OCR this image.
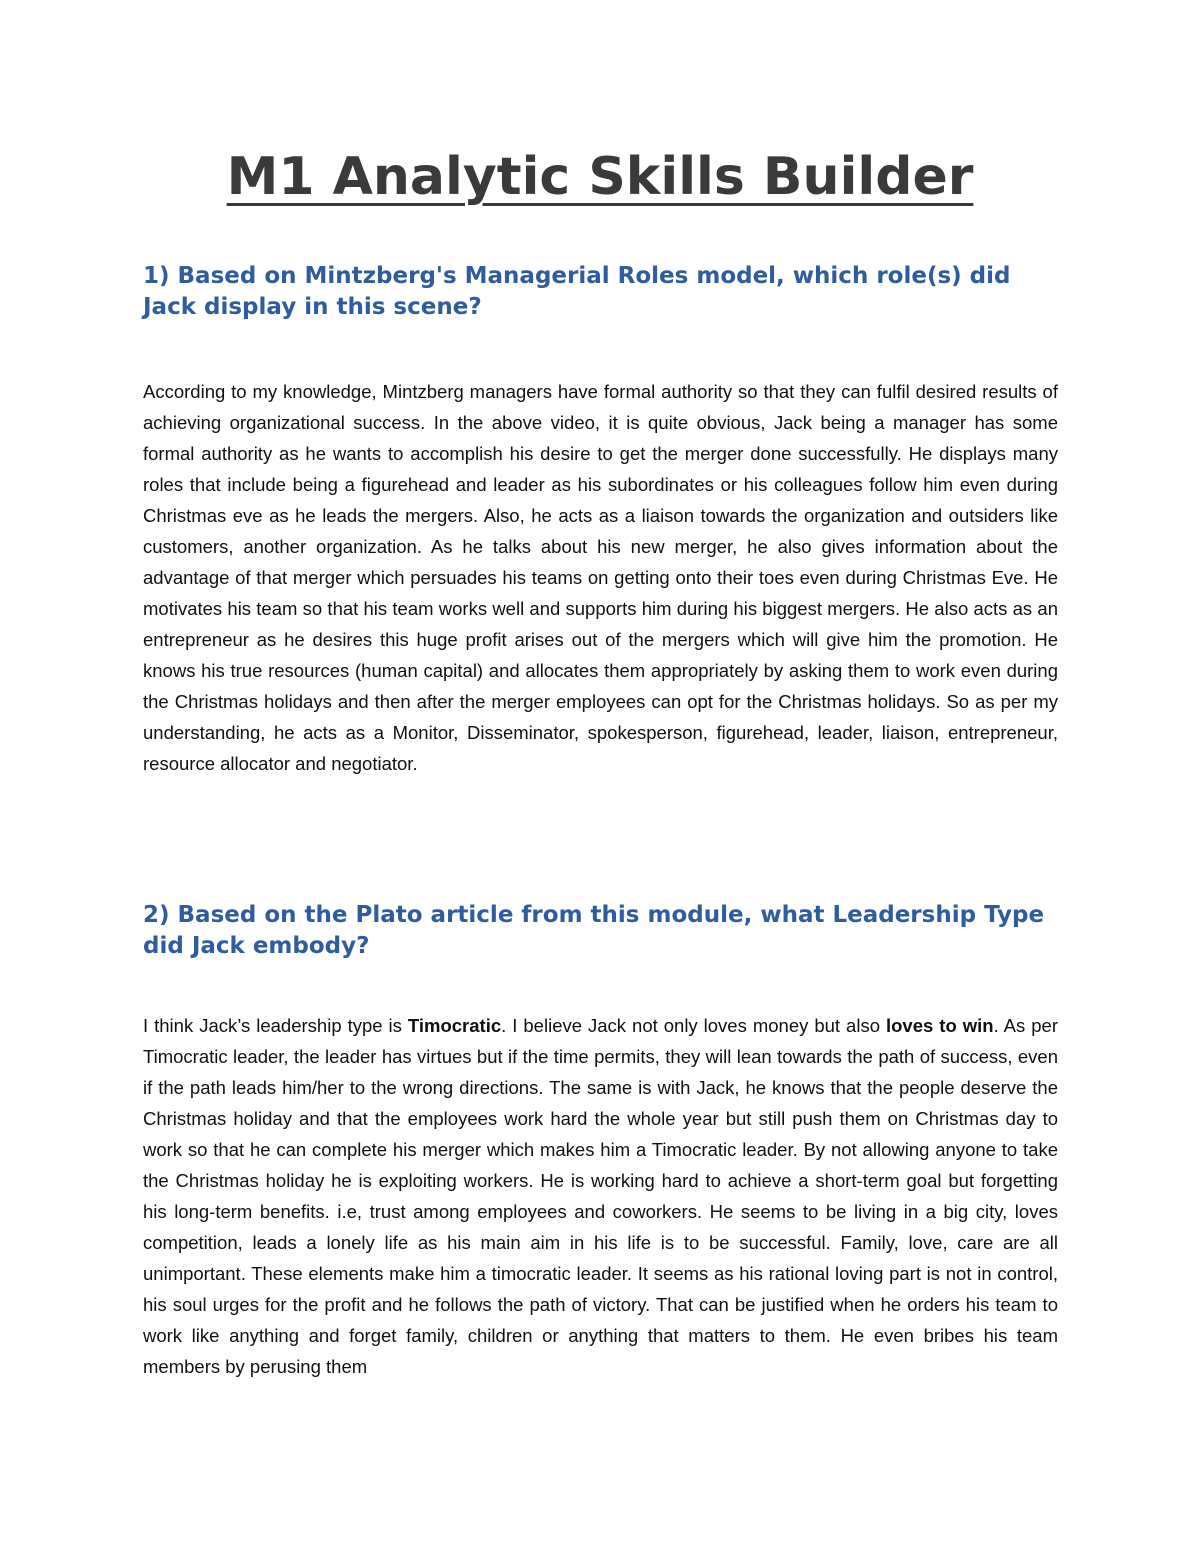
M1 Analytic Skills Builder
1) Based on Mintzberg's Managerial Roles model, which role(s) did Jack display in this scene?

According to my knowledge, Mintzberg managers have formal authority so that they can fulfil desired results of achieving organizational success. In the above video, it is quite obvious, Jack being a manager has some formal authority as he wants to accomplish his desire to get the merger done successfully. He displays many roles that include being a figurehead and leader as his subordinates or his colleagues follow him even during Christmas eve as he leads the mergers. Also, he acts as a liaison towards the organization and outsiders like customers, another organization. As he talks about his new merger, he also gives information about the advantage of that merger which persuades his teams on getting onto their toes even during Christmas Eve. He motivates his team so that his team works well and supports him during his biggest mergers. He also acts as an entrepreneur as he desires this huge profit arises out of the mergers which will give him the promotion. He knows his true resources (human capital) and allocates them appropriately by asking them to work even during the Christmas holidays and then after the merger employees can opt for the Christmas holidays. So as per my understanding, he acts as a Monitor, Disseminator, spokesperson, figurehead, leader, liaison, entrepreneur, resource allocator and negotiator.

2) Based on the Plato article from this module, what Leadership Type did Jack embody?

I think Jack’s leadership type is Timocratic. I believe Jack not only loves money but also loves to win. As per Timocratic leader, the leader has virtues but if the time permits, they will lean towards the path of success, even if the path leads him/her to the wrong directions. The same is with Jack, he knows that the people deserve the Christmas holiday and that the employees work hard the whole year but still push them on Christmas day to work so that he can complete his merger which makes him a Timocratic leader. By not allowing anyone to take the Christmas holiday he is exploiting workers. He is working hard to achieve a short-term goal but forgetting his long-term benefits. i.e, trust among employees and coworkers. He seems to be living in a big city, loves competition, leads a lonely life as his main aim in his life is to be successful. Family, love, care are all unimportant. These elements make him a timocratic leader. It seems as his rational loving part is not in control, his soul urges for the profit and he follows the path of victory. That can be justified when he orders his team to work like anything and forget family, children or anything that matters to them. He even bribes his team members by perusing them
